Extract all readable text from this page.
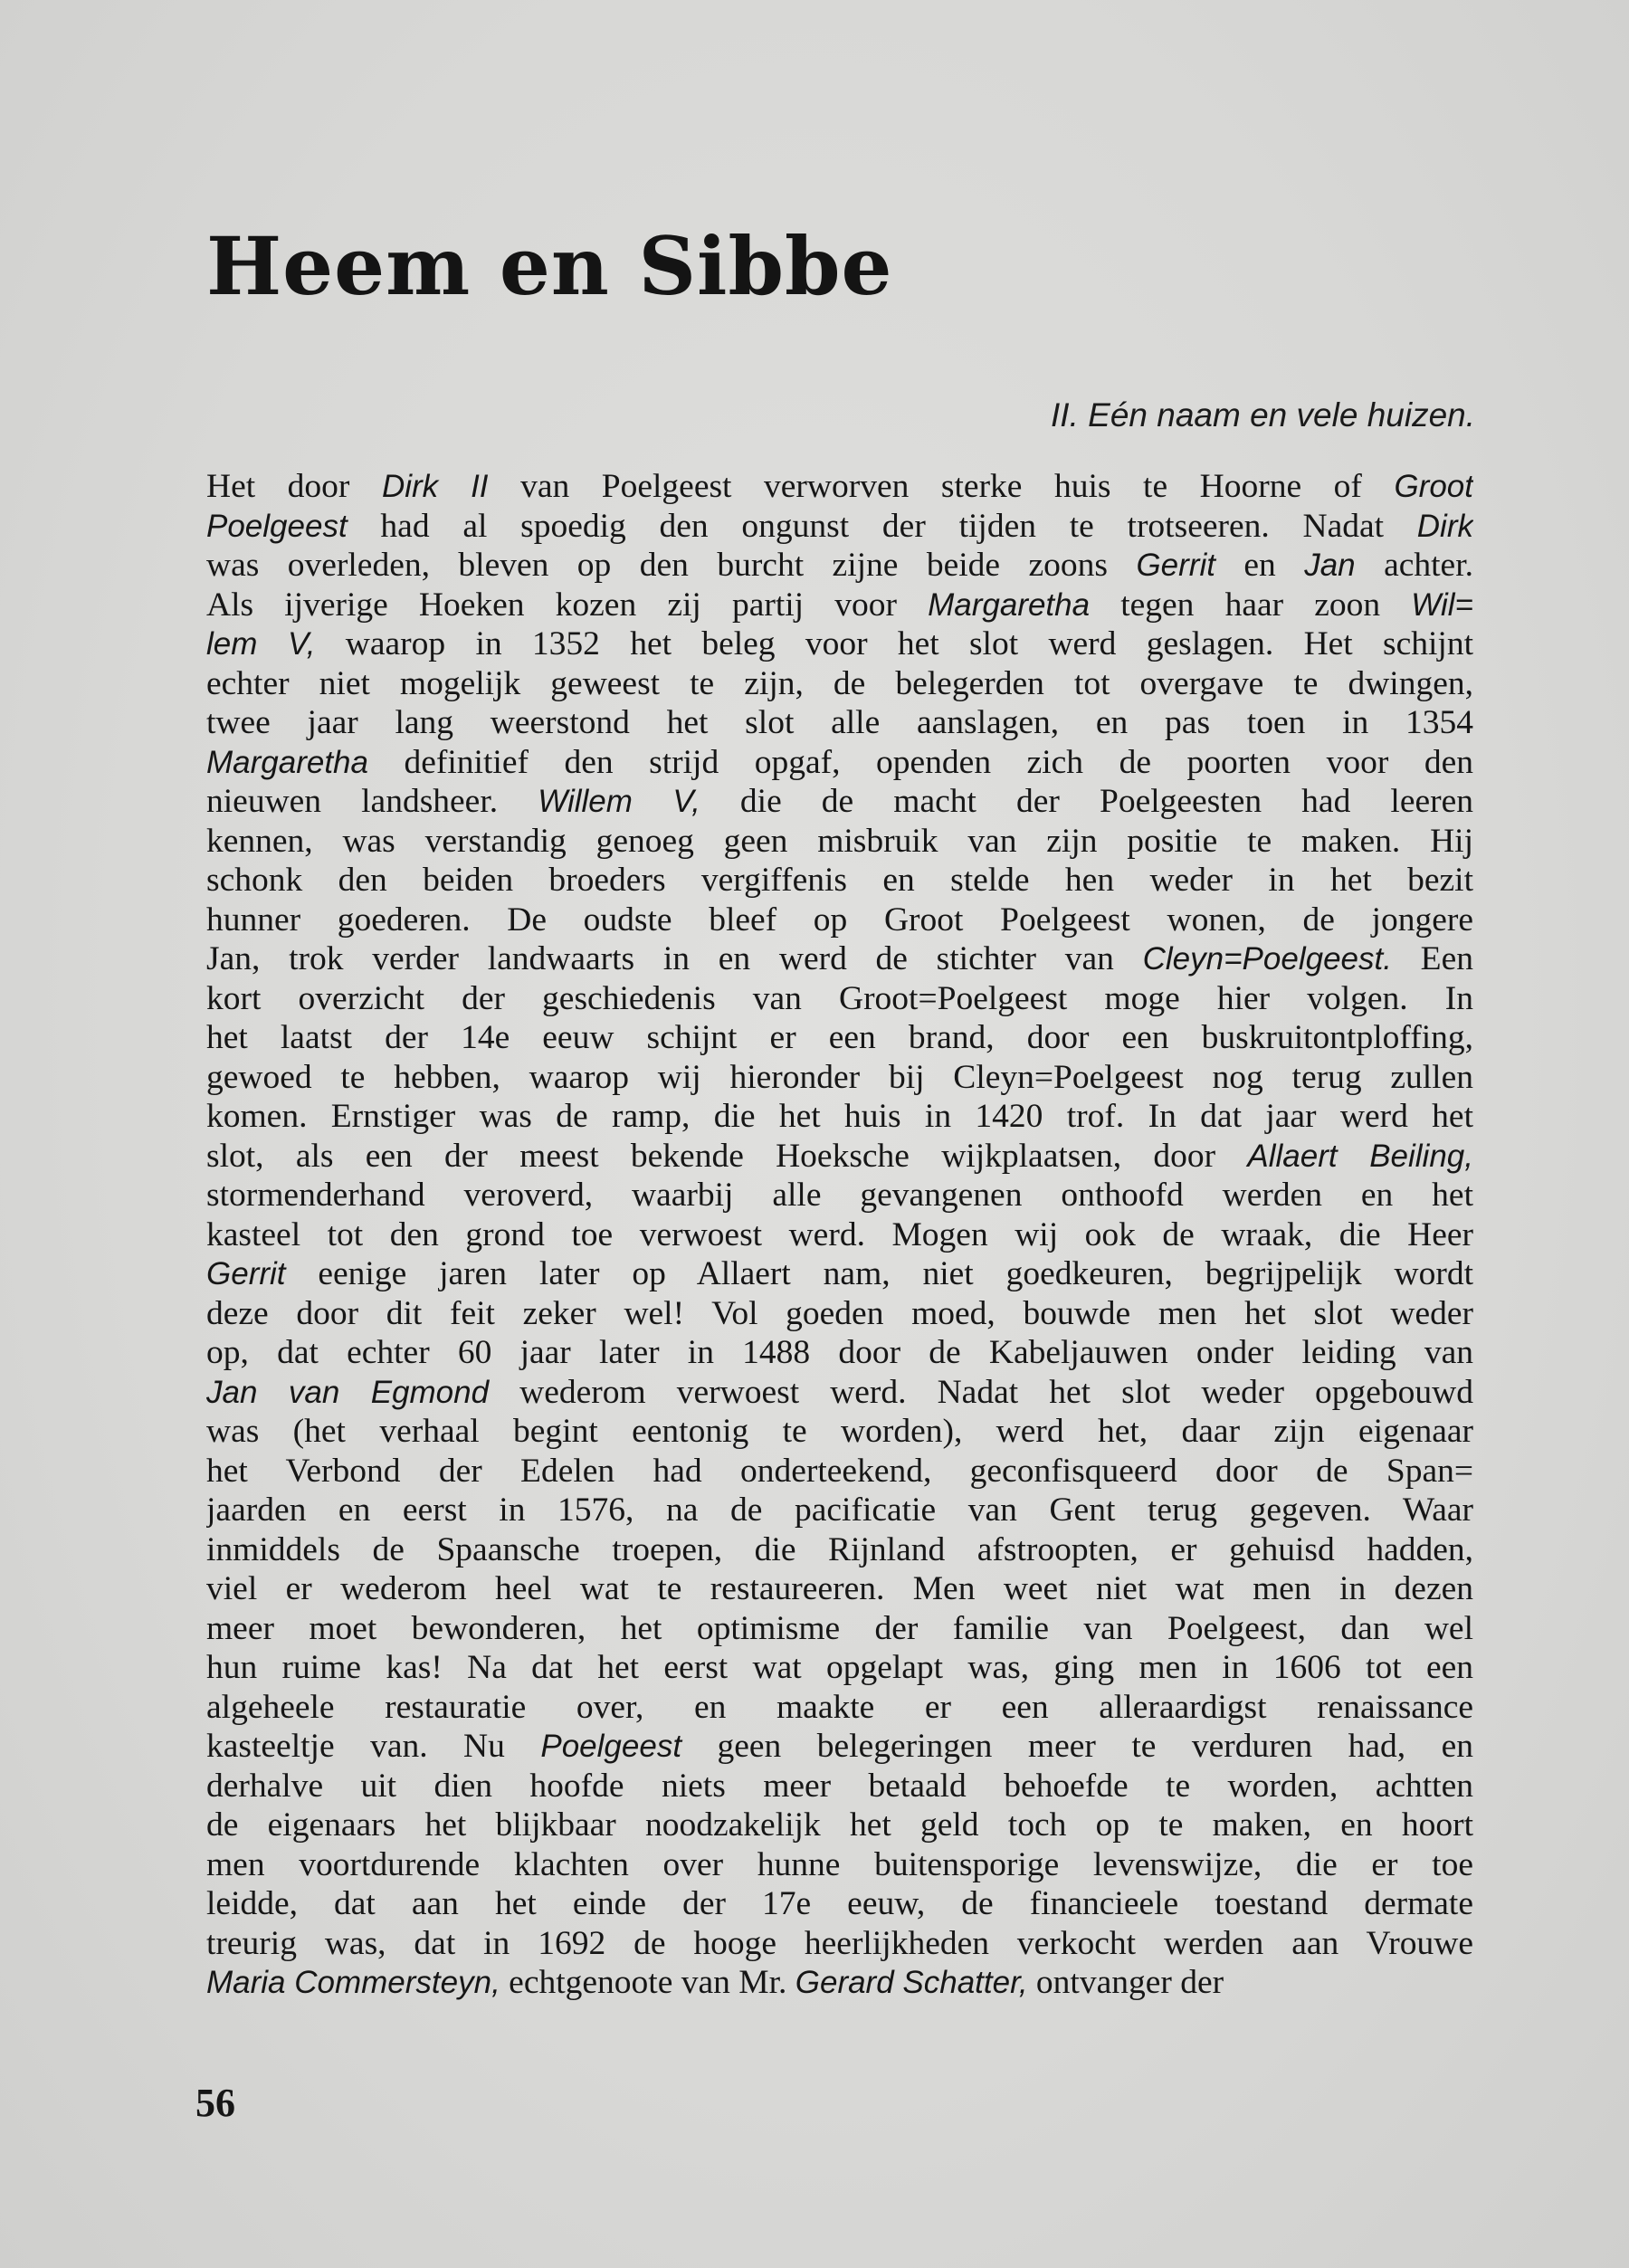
Heem en Sibbe

II. Eén naam en vele huizen.

Het door Dirk II van Poelgeest verworven sterke huis te Hoorne of Groot
Poelgeest had al spoedig den ongunst der tijden te trotseeren. Nadat Dirk
was overleden, bleven op den burcht zijne beide zoons Gerrit en Jan achter.
Als ijverige Hoeken kozen zij partij voor Margaretha tegen haar zoon Wil=
lem V, waarop in 1352 het beleg voor het slot werd geslagen. Het schijnt
echter niet mogelijk geweest te zijn, de belegerden tot overgave te dwingen,
twee jaar lang weerstond het slot alle aanslagen, en pas toen in 1354
Margaretha definitief den strijd opgaf, openden zich de poorten voor den
nieuwen landsheer. Willem V, die de macht der Poelgeesten had leeren
kennen, was verstandig genoeg geen misbruik van zijn positie te maken. Hij
schonk den beiden broeders vergiffenis en stelde hen weder in het bezit
hunner goederen. De oudste bleef op Groot Poelgeest wonen, de jongere
Jan, trok verder landwaarts in en werd de stichter van Cleyn=Poelgeest. Een
kort overzicht der geschiedenis van Groot=Poelgeest moge hier volgen. In
het laatst der 14e eeuw schijnt er een brand, door een buskruitontploffing,
gewoed te hebben, waarop wij hieronder bij Cleyn=Poelgeest nog terug zullen
komen. Ernstiger was de ramp, die het huis in 1420 trof. In dat jaar werd het
slot, als een der meest bekende Hoeksche wijkplaatsen, door Allaert Beiling,
stormenderhand veroverd, waarbij alle gevangenen onthoofd werden en het
kasteel tot den grond toe verwoest werd. Mogen wij ook de wraak, die Heer
Gerrit eenige jaren later op Allaert nam, niet goedkeuren, begrijpelijk wordt
deze door dit feit zeker wel! Vol goeden moed, bouwde men het slot weder
op, dat echter 60 jaar later in 1488 door de Kabeljauwen onder leiding van
Jan van Egmond wederom verwoest werd. Nadat het slot weder opgebouwd
was (het verhaal begint eentonig te worden), werd het, daar zijn eigenaar
het Verbond der Edelen had onderteekend, geconfisqueerd door de Span=
jaarden en eerst in 1576, na de pacificatie van Gent terug gegeven. Waar
inmiddels de Spaansche troepen, die Rijnland afstroopten, er gehuisd hadden,
viel er wederom heel wat te restaureeren. Men weet niet wat men in dezen
meer moet bewonderen, het optimisme der familie van Poelgeest, dan wel
hun ruime kas! Na dat het eerst wat opgelapt was, ging men in 1606 tot een
algeheele restauratie over, en maakte er een alleraardigst renaissance
kasteeltje van. Nu Poelgeest geen belegeringen meer te verduren had, en
derhalve uit dien hoofde niets meer betaald behoefde te worden, achtten
de eigenaars het blijkbaar noodzakelijk het geld toch op te maken, en hoort
men voortdurende klachten over hunne buitensporige levenswijze, die er toe
leidde, dat aan het einde der 17e eeuw, de financieele toestand dermate
treurig was, dat in 1692 de hooge heerlijkheden verkocht werden aan Vrouwe
Maria Commersteyn, echtgenoote van Mr. Gerard Schatter, ontvanger der

56
